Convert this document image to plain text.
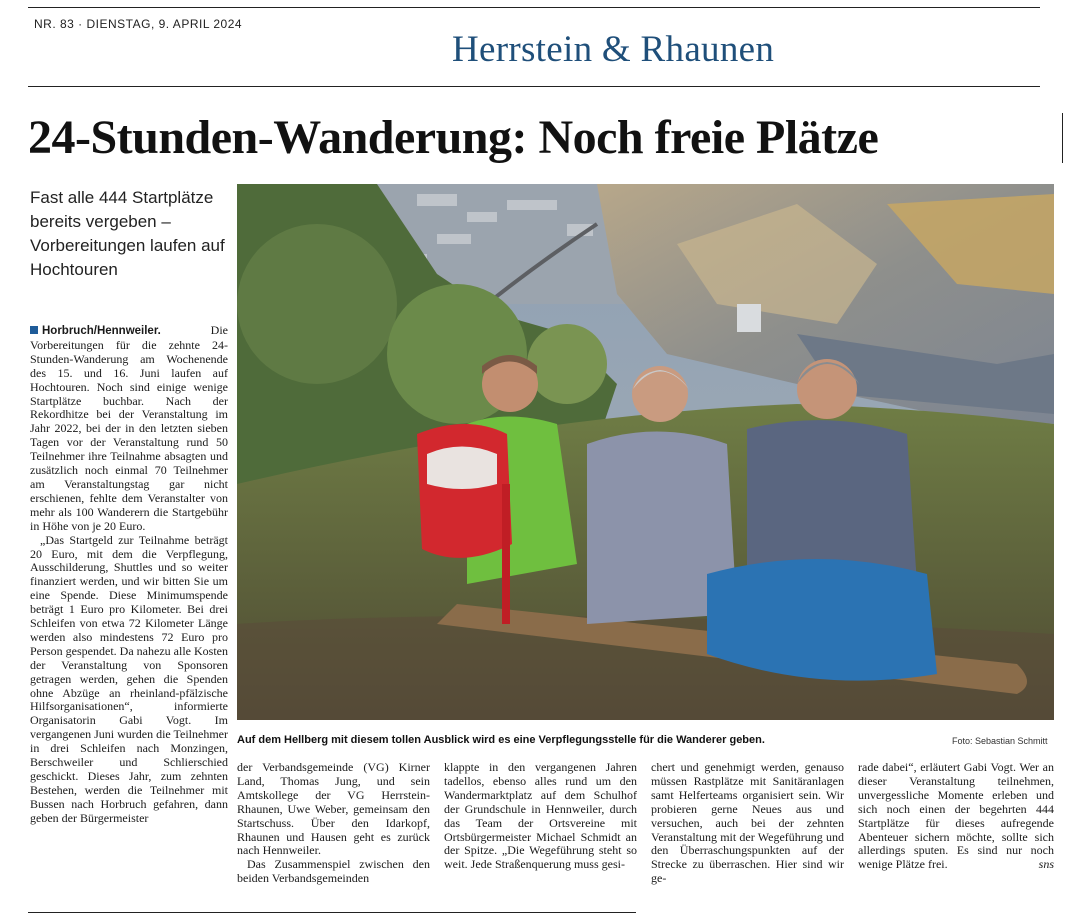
NR. 83 · DIENSTAG, 9. APRIL 2024
Herrstein & Rhaunen
24-Stunden-Wanderung: Noch freie Plätze
Fast alle 444 Startplätze bereits vergeben – Vorbereitungen laufen auf Hochtouren

Horbruch/Hennweiler.	Die Vorbereitungen für die zehnte 24-Stunden-Wanderung am Wochenende des 15. und 16. Juni laufen auf Hochtouren. Noch sind einige wenige Startplätze buchbar. Nach der Rekordhitze bei der Veranstaltung im Jahr 2022, bei der in den letzten sieben Tagen vor der Veranstaltung rund 50 Teilnehmer ihre Teilnahme absagten und zusätzlich noch einmal 70 Teilnehmer am Veranstaltungstag gar nicht erschienen, fehlte dem Veranstalter von mehr als 100 Wanderern die Startgebühr in Höhe von je 20 Euro.

„Das Startgeld zur Teilnahme beträgt 20 Euro, mit dem die Verpflegung, Ausschilderung, Shuttles und so weiter finanziert werden, und wir bitten Sie um eine Spende. Diese Minimumspende beträgt 1 Euro pro Kilometer. Bei drei Schleifen von etwa 72 Kilometer Länge werden also mindestens 72 Euro pro Person gespendet. Da nahezu alle Kosten der Veranstaltung von Sponsoren getragen werden, gehen die Spenden ohne Abzüge an rheinland-pfälzische Hilfsorganisationen“, informierte Organisatorin Gabi Vogt. Im vergangenen Juni wurden die Teilnehmer in drei Schleifen nach Monzingen, Berschweiler und Schlierschied geschickt. Dieses Jahr, zum zehnten Bestehen, werden die Teilnehmer mit Bussen nach Horbruch gefahren, dann geben der Bürgermeister

Auf dem Hellberg mit diesem tollen Ausblick wird es eine Verpflegungsstelle für die Wanderer geben.	Foto: Sebastian Schmitt

der Verbandsgemeinde (VG) Kirner Land, Thomas Jung, und sein Amtskollege der VG Herrstein-Rhaunen, Uwe Weber, gemeinsam den Startschuss. Über den Idarkopf, Rhaunen und Hausen geht es zurück nach Hennweiler.

Das Zusammenspiel zwischen den beiden Verbandsgemeinden

klappte in den vergangenen Jahren tadellos, ebenso alles rund um den Wandermarktplatz auf dem Schulhof der Grundschule in Hennweiler, durch das Team der Ortsvereine mit Ortsbürgermeister Michael Schmidt an der Spitze. „Die Wegeführung steht so weit. Jede Straßenquerung muss gesi-

chert und genehmigt werden, genauso müssen Rastplätze mit Sanitäranlagen samt Helferteams organisiert sein. Wir probieren gerne Neues aus und versuchen, auch bei der zehnten Veranstaltung mit der Wegeführung und den Überraschungspunkten auf der Strecke zu überraschen. Hier sind wir ge-

rade dabei“, erläutert Gabi Vogt. Wer an dieser Veranstaltung teilnehmen, unvergessliche Momente erleben und sich noch einen der begehrten 444 Startplätze für dieses aufregende Abenteuer sichern möchte, sollte sich allerdings sputen. Es sind nur noch wenige Plätze frei.	sns
